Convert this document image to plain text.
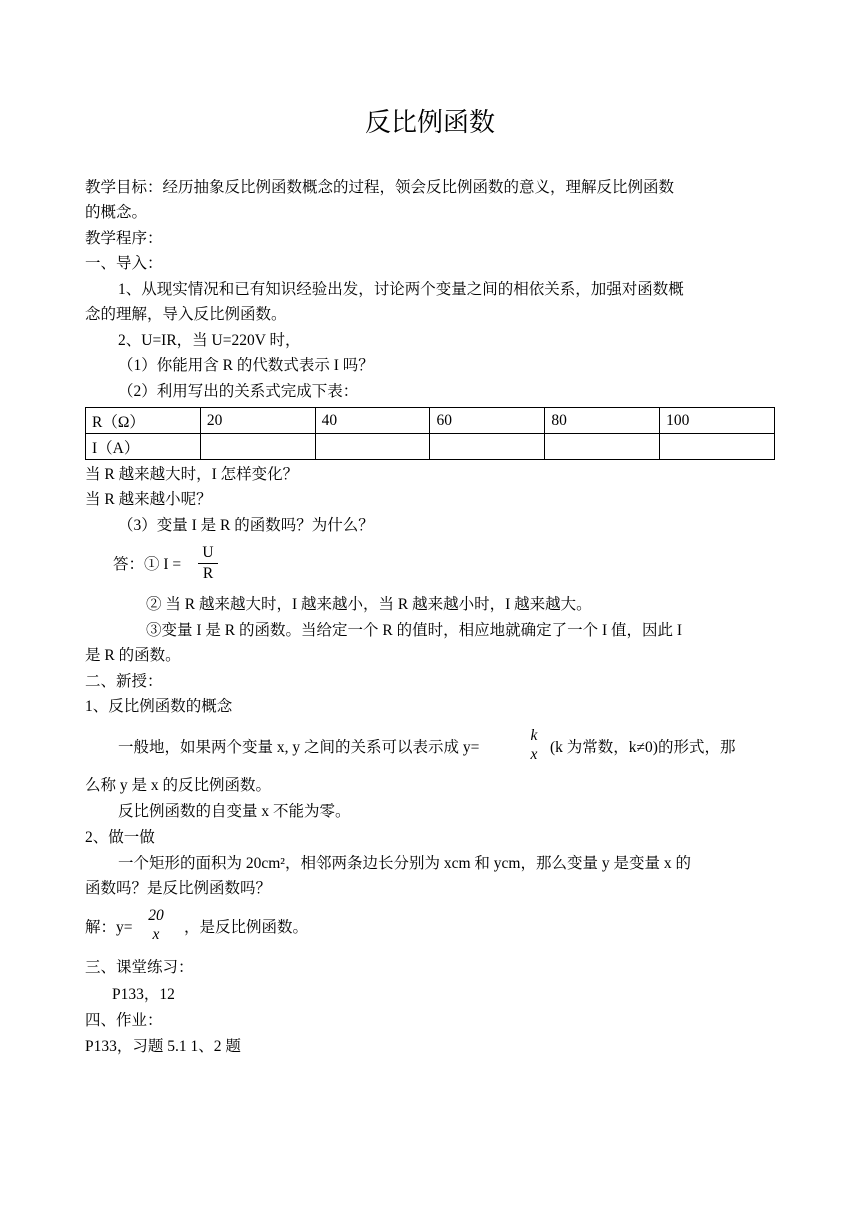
反比例函数
教学目标：经历抽象反比例函数概念的过程，领会反比例函数的意义，理解反比例函数
的概念。
教学程序：
一、导入：
1、从现实情况和已有知识经验出发，讨论两个变量之间的相依关系，加强对函数概
念的理解，导入反比例函数。
2、U=IR，当 U=220V 时，
（1）你能用含 R 的代数式表示 I 吗？
（2）利用写出的关系式完成下表：
R（Ω）	20	40	60	80	100
I（A）					
当 R 越来越大时，I 怎样变化？
当 R 越来越小呢？
（3）变量 I 是 R 的函数吗？为什么？
答：① I =
U
R
② 当 R 越来越大时，I 越来越小，当 R 越来越小时，I 越来越大。
③变量 I 是 R 的函数。当给定一个 R 的值时，相应地就确定了一个 I 值，因此 I
是 R 的函数。
二、新授：
1、反比例函数的概念
一般地，如果两个变量 x, y 之间的关系可以表示成 y=
k
x (k 为常数，k≠0)的形式，那
么称 y 是 x 的反比例函数。
反比例函数的自变量 x 不能为零。
2、做一做
一个矩形的面积为 20cm²，相邻两条边长分别为 xcm 和 ycm，那么变量 y 是变量 x 的
函数吗？是反比例函数吗？
解：y=
20
x	，是反比例函数。
三、课堂练习：
P133，12
四、作业：
P133，习题 5.1 1、2 题
